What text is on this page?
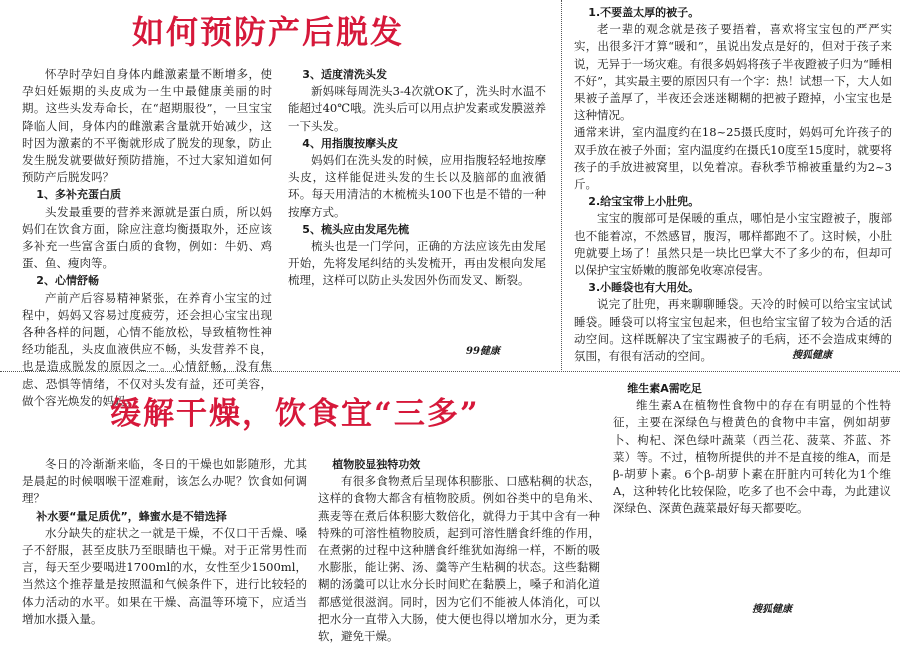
如何预防产后脱发

怀孕时孕妇自身体内雌激素量不断增多，使孕妇妊娠期的头皮成为一生中最健康美丽的时期。这些头发寿命长，在“超期服役”，一旦宝宝降临人间，身体内的雌激素含量就开始减少，这时因为激素的不平衡就形成了脱发的现象，防止发生脱发就要做好预防措施，不过大家知道如何预防产后脱发吗？

1、多补充蛋白质

头发最重要的营养来源就是蛋白质，所以妈妈们在饮食方面，除应注意均衡摄取外，还应该多补充一些富含蛋白质的食物，例如：牛奶、鸡蛋、鱼、瘦肉等。

2、心情舒畅

产前产后容易精神紧张，在养育小宝宝的过程中，妈妈又容易过度疲劳，还会担心宝宝出现各种各样的问题，心情不能放松，导致植物性神经功能乱，头皮血液供应不畅，头发营养不良，也是造成脱发的原因之一。心情舒畅，没有焦虑、恐惧等情绪，不仅对头发有益，还可美容，做个容光焕发的妈妈。

3、适度清洗头发

新妈咪每周洗头3-4次就OK了，洗头时水温不能超过40℃哦。洗头后可以用点护发素或发膜滋养一下头发。

4、用指腹按摩头皮

妈妈们在洗头发的时候，应用指腹轻轻地按摩头皮，这样能促进头发的生长以及脑部的血液循环。每天用清洁的木梳梳头100下也是不错的一种按摩方式。

5、梳头应由发尾先梳

梳头也是一门学问，正确的方法应该先由发尾开始，先将发尾纠结的头发梳开，再由发根向发尾梳理，这样可以防止头发因外伤而发叉、断裂。

99健康

1.不要盖太厚的被子。

老一辈的观念就是孩子要捂着，喜欢将宝宝包的严严实实，出很多汗才算“暖和”，虽说出发点是好的，但对于孩子来说，无异于一场灾难。有很多妈妈将孩子半夜蹬被子归为“睡相不好”，其实最主要的原因只有一个字：热！试想一下，大人如果被子盖厚了，半夜还会迷迷糊糊的把被子蹬掉，小宝宝也是这种情况。

通常来讲，室内温度约在18~25摄氏度时，妈妈可允许孩子的双手放在被子外面；室内温度约在摄氏10度至15度时，就要将孩子的手放进被窝里，以免着凉。春秋季节棉被重量约为2~3斤。

2.给宝宝带上小肚兜。

宝宝的腹部可是保暖的重点，哪怕是小宝宝蹬被子，腹部也不能着凉，不然感冒，腹泻，哪样都跑不了。这时候，小肚兜就要上场了！虽然只是一块比巴掌大不了多少的布，但却可以保护宝宝娇嫩的腹部免收寒凉侵害。

3.小睡袋也有大用处。

说完了肚兜，再来聊聊睡袋。天冷的时候可以给宝宝试试睡袋。睡袋可以将宝宝包起来，但也给宝宝留了较为合适的活动空间。这样既解决了宝宝踢被子的毛病，还不会造成束缚的氛围，有很有活动的空间。	搜狐健康
缓解干燥，饮食宜“三多”

冬日的冷渐渐来临，冬日的干燥也如影随形，尤其是晨起的时候咽喉干涩难耐，该怎么办呢？饮食如何调理？

补水要“量足质优”，蜂蜜水是不错选择

水分缺失的症状之一就是干燥，不仅口干舌燥、嗓子不舒服，甚至皮肤乃至眼睛也干燥。对于正常男性而言，每天至少要喝进1700ml的水，女性至少1500ml，当然这个推荐量是按照温和气候条件下，进行比较轻的体力活动的水平。如果在干燥、高温等环境下，应适当增加水摄入量。

植物胶显独特功效

有很多食物煮后呈现体积膨胀、口感粘稠的状态，这样的食物大都含有植物胶质。例如谷类中的皂角米、燕麦等在煮后体积膨大数倍化，就得力于其中含有一种特殊的可溶性植物胶质，起到可溶性膳食纤维的作用，在煮粥的过程中这种膳食纤维犹如海绵一样，不断的吸水膨胀，能让粥、汤、羹等产生粘稠的状态。这些黏糊糊的汤羹可以让水分长时间贮在黏膜上，嗓子和消化道都感觉很滋润。同时，因为它们不能被人体消化，可以把水分一直带入大肠，使大便也得以增加水分，更为柔软，避免干燥。

维生素A需吃足

维生素A在植物性食物中的存在有明显的个性特征，主要在深绿色与橙黄色的食物中丰富，例如胡萝卜、枸杞、深色绿叶蔬菜（西兰花、菠菜、芥蓝、芥菜）等。不过，植物所提供的并不是直接的维A，而是β-胡萝卜素。6个β-胡萝卜素在肝脏内可转化为1个维A，这种转化比较保险，吃多了也不会中毒，为此建议深绿色、深黄色蔬菜最好每天都要吃。

搜狐健康
